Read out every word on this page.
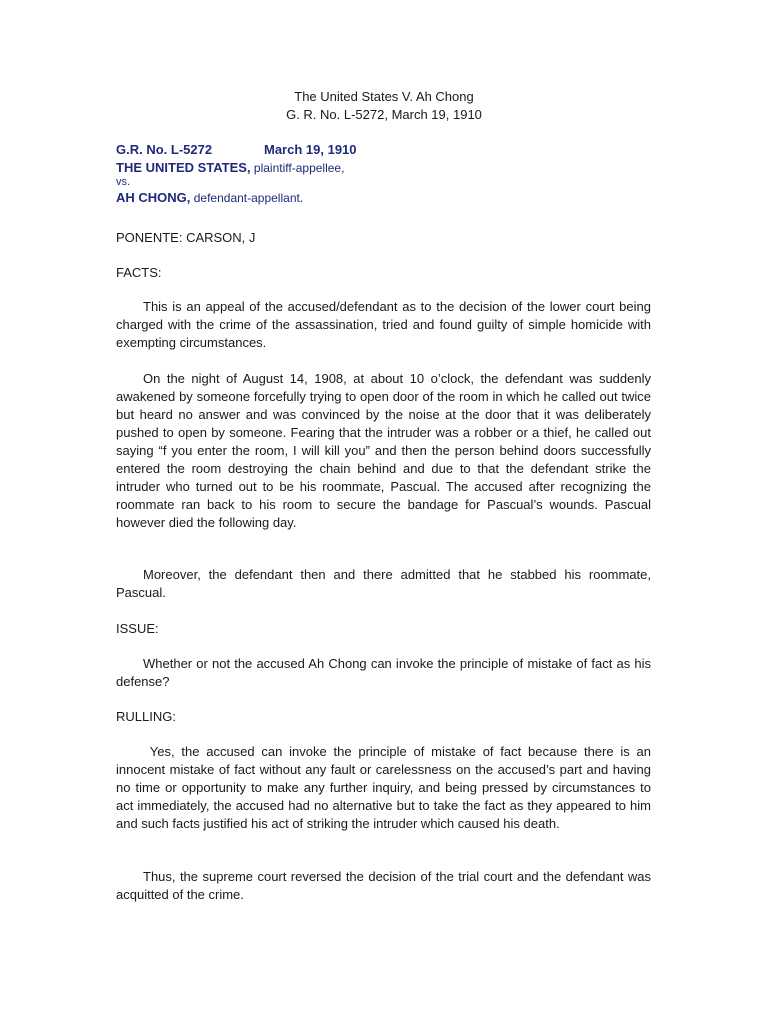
The United States V. Ah Chong
G. R. No. L-5272, March 19, 1910
G.R. No. L-5272	March 19, 1910
THE UNITED STATES, plaintiff-appellee,
vs.
AH CHONG, defendant-appellant.
PONENTE: CARSON, J
FACTS:
This is an appeal of the accused/defendant as to the decision of the lower court being charged with the crime of the assassination, tried and found guilty of simple homicide with exempting circumstances.
On the night of August 14, 1908, at about 10 o’clock, the defendant was suddenly awakened by someone forcefully trying to open door of the room in which he called out twice but heard no answer and was convinced by the noise at the door that it was deliberately pushed to open by someone. Fearing that the intruder was a robber or a thief, he called out saying “f you enter the room, I will kill you” and then the person behind doors successfully entered the room destroying the chain behind and due to that the defendant strike the intruder who turned out to be his roommate, Pascual. The accused after recognizing the roommate ran back to his room to secure the bandage for Pascual’s wounds. Pascual however died the following day.
Moreover, the defendant then and there admitted that he stabbed his roommate, Pascual.
ISSUE:
Whether or not the accused Ah Chong can invoke the principle of mistake of fact as his defense?
RULLING:
Yes, the accused can invoke the principle of mistake of fact because there is an innocent mistake of fact without any fault or carelessness on the accused’s part and having no time or opportunity to make any further inquiry, and being pressed by circumstances to act immediately, the accused had no alternative but to take the fact as they appeared to him and such facts justified his act of striking the intruder which caused his death.
Thus, the supreme court reversed the decision of the trial court and the defendant was acquitted of the crime.
